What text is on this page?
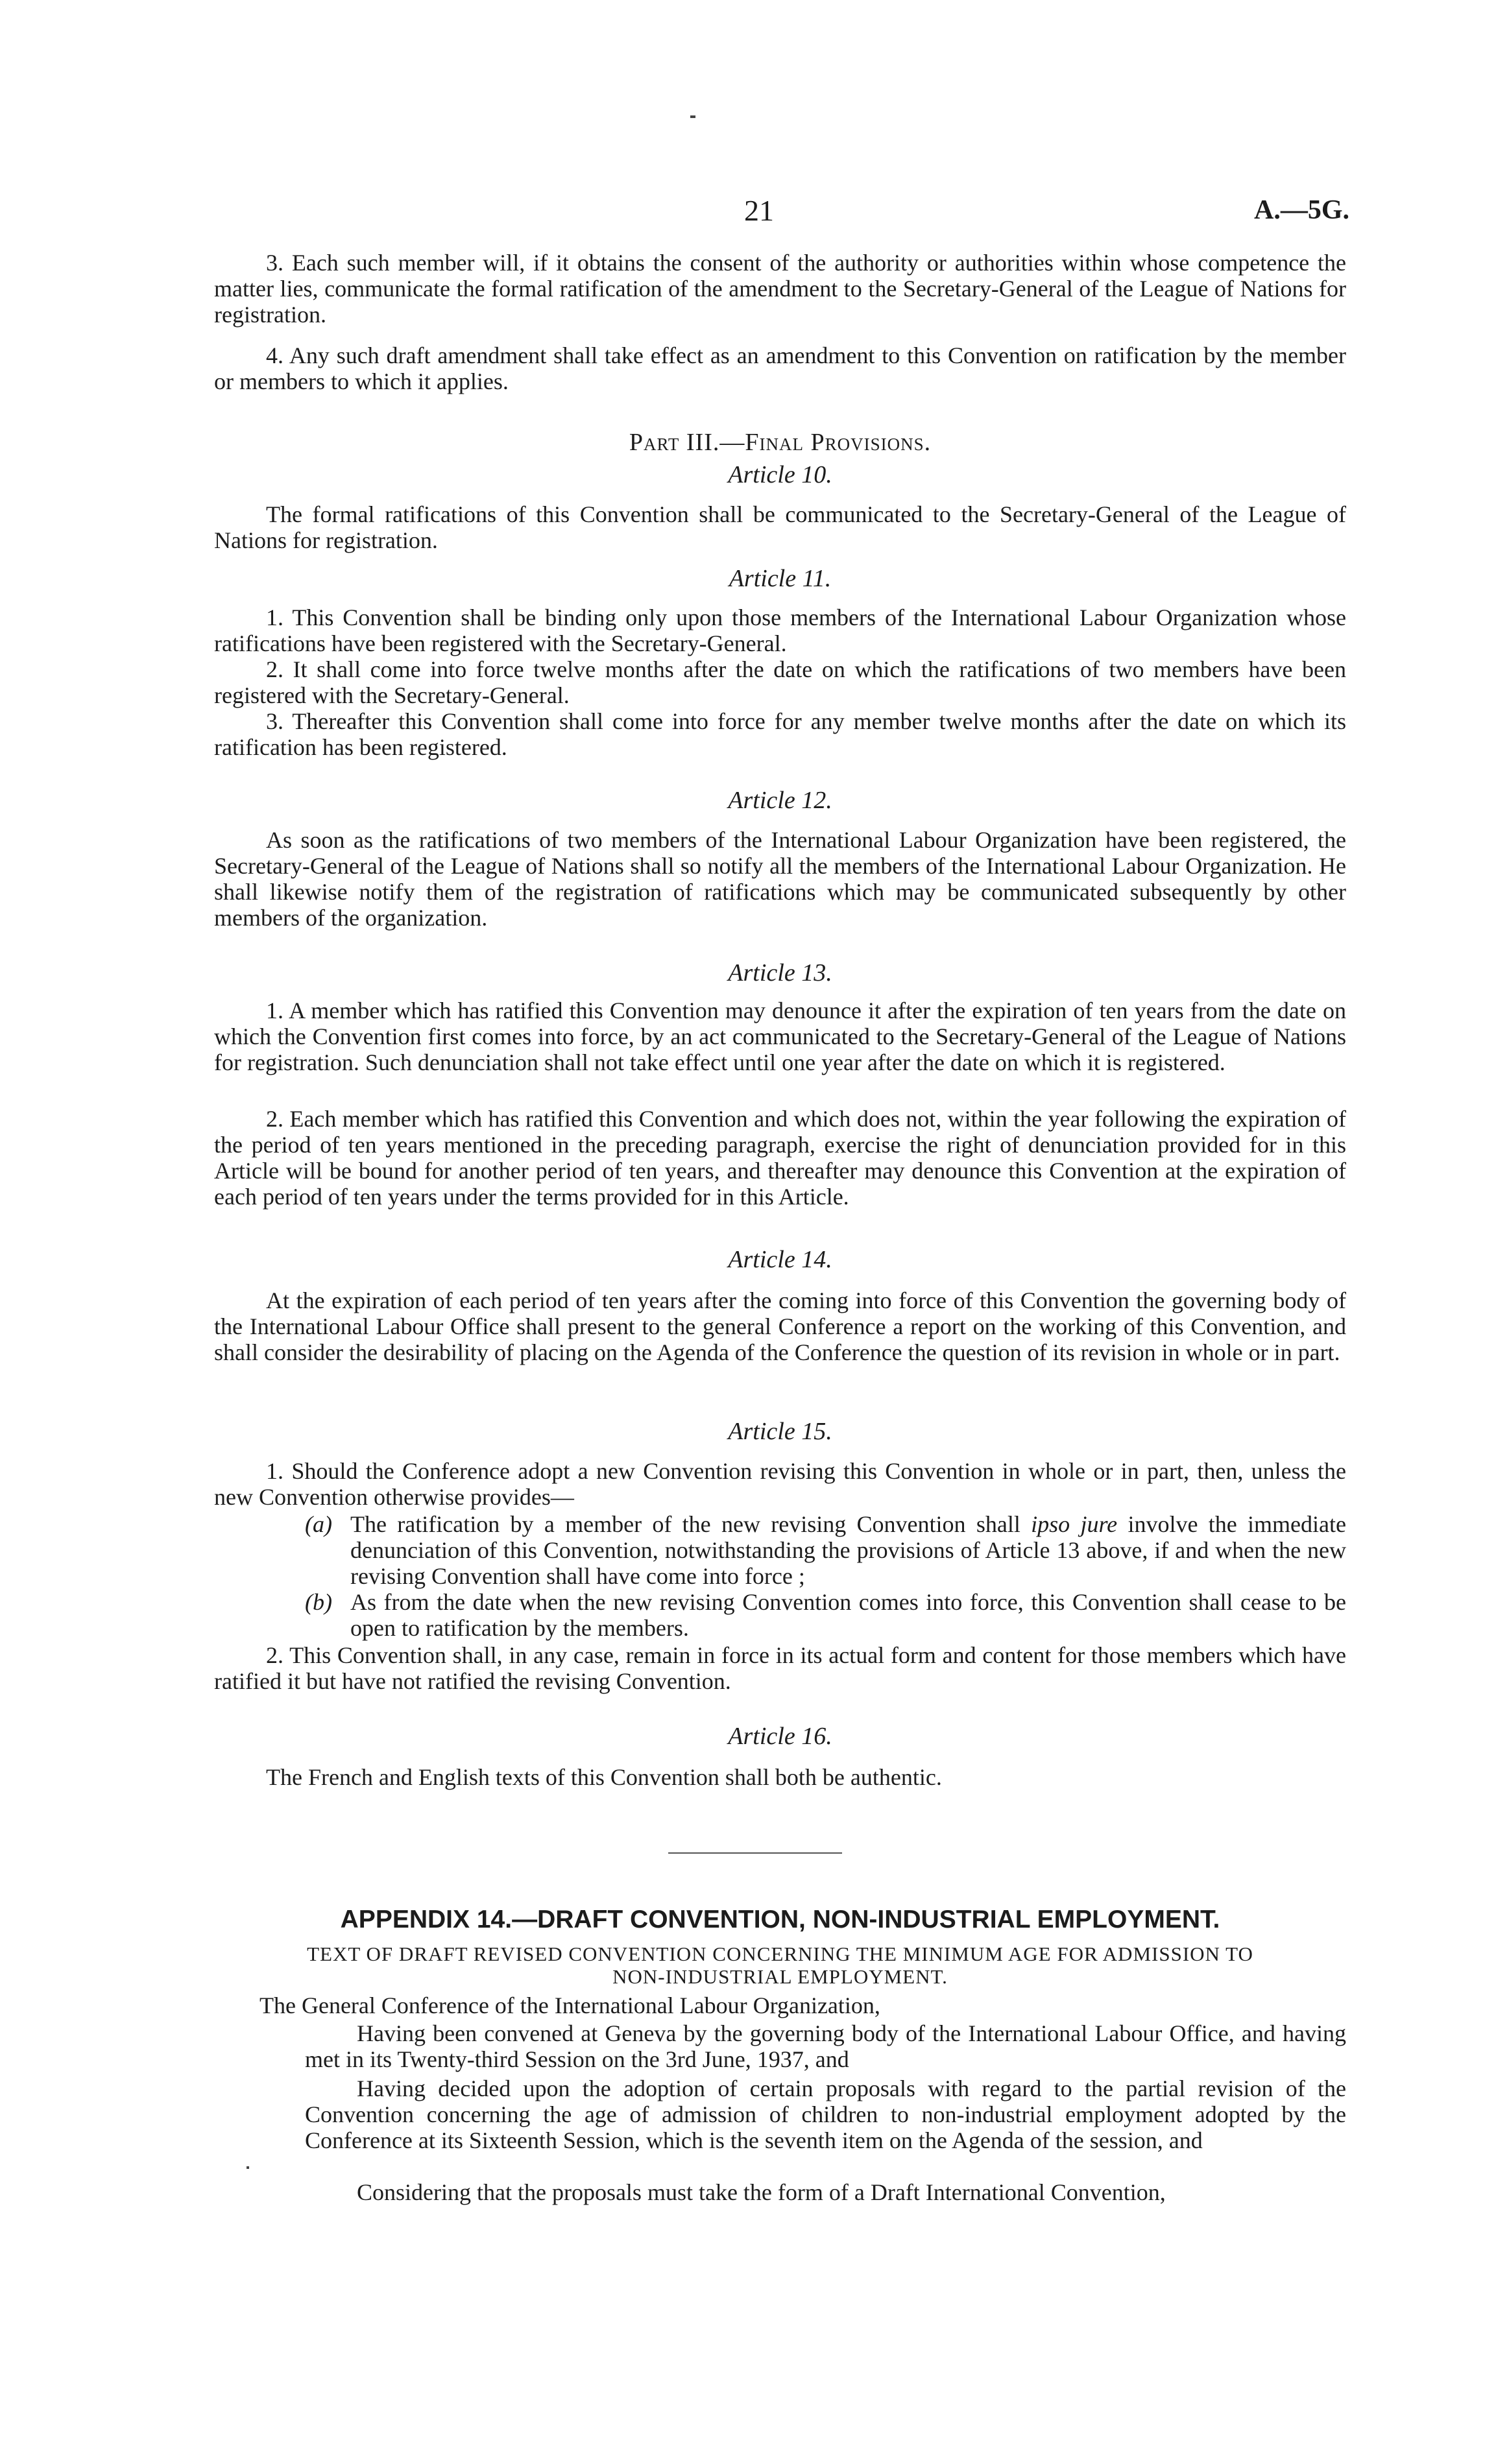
21	A.—5G.
3. Each such member will, if it obtains the consent of the authority or authorities within whose competence the matter lies, communicate the formal ratification of the amendment to the Secretary-General of the League of Nations for registration.
4. Any such draft amendment shall take effect as an amendment to this Convention on ratification by the member or members to which it applies.
Part III.—Final Provisions.
Article 10.
The formal ratifications of this Convention shall be communicated to the Secretary-General of the League of Nations for registration.
Article 11.
1. This Convention shall be binding only upon those members of the International Labour Organization whose ratifications have been registered with the Secretary-General.
2. It shall come into force twelve months after the date on which the ratifications of two members have been registered with the Secretary-General.
3. Thereafter this Convention shall come into force for any member twelve months after the date on which its ratification has been registered.
Article 12.
As soon as the ratifications of two members of the International Labour Organization have been registered, the Secretary-General of the League of Nations shall so notify all the members of the International Labour Organization. He shall likewise notify them of the registration of ratifications which may be communicated subsequently by other members of the organization.
Article 13.
1. A member which has ratified this Convention may denounce it after the expiration of ten years from the date on which the Convention first comes into force, by an act communicated to the Secretary-General of the League of Nations for registration. Such denunciation shall not take effect until one year after the date on which it is registered.
2. Each member which has ratified this Convention and which does not, within the year following the expiration of the period of ten years mentioned in the preceding paragraph, exercise the right of denunciation provided for in this Article will be bound for another period of ten years, and thereafter may denounce this Convention at the expiration of each period of ten years under the terms provided for in this Article.
Article 14.
At the expiration of each period of ten years after the coming into force of this Convention the governing body of the International Labour Office shall present to the general Conference a report on the working of this Convention, and shall consider the desirability of placing on the Agenda of the Conference the question of its revision in whole or in part.
Article 15.
1. Should the Conference adopt a new Convention revising this Convention in whole or in part, then, unless the new Convention otherwise provides—
(a) The ratification by a member of the new revising Convention shall ipso jure involve the immediate denunciation of this Convention, notwithstanding the provisions of Article 13 above, if and when the new revising Convention shall have come into force ;
(b) As from the date when the new revising Convention comes into force, this Convention shall cease to be open to ratification by the members.
2. This Convention shall, in any case, remain in force in its actual form and content for those members which have ratified it but have not ratified the revising Convention.
Article 16.
The French and English texts of this Convention shall both be authentic.
APPENDIX 14.—DRAFT CONVENTION, NON-INDUSTRIAL EMPLOYMENT.
TEXT OF DRAFT REVISED CONVENTION CONCERNING THE MINIMUM AGE FOR ADMISSION TO
NON-INDUSTRIAL EMPLOYMENT.
The General Conference of the International Labour Organization,
Having been convened at Geneva by the governing body of the International Labour Office, and having met in its Twenty-third Session on the 3rd June, 1937, and
Having decided upon the adoption of certain proposals with regard to the partial revision of the Convention concerning the age of admission of children to non-industrial employment adopted by the Conference at its Sixteenth Session, which is the seventh item on the Agenda of the session, and
Considering that the proposals must take the form of a Draft International Convention,
